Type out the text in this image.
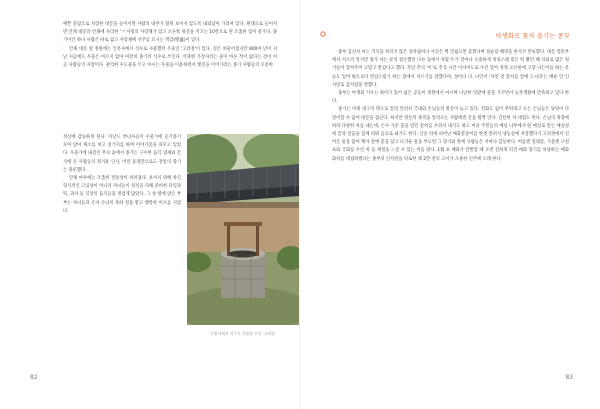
예쁜 꽃담으로 치장한 대문을 들어서면 사람의 내부가 훤히 보이지 않도록 내외담이 가려져 있다. 원래으로 들어서면 안채 대문과 안채에 자리한 'ㄱ'자형의 사랑채가 있고 오른쪽 뒷산을 끼고는 10칸으로 된 조촐한 집이 중가다. 종가이긴 하나 사람은 따로 없고 사랑채에 선주를 모시는 벽감(壁龕)이 있다.

안채 대문 옆 정원에는 인흥사에서 석수로 사용했던 우물인 '고려정'이 있다. 절은 허물어졌지만 800여 년이 지난 지금에도 우물은 마르지 않아 여전히 종가의 식수로 쓰인다. 석축한 가장자리는 물이 마른 적이 없다는 것이 이곳 사람들의 자랑이다. 관리한 수도물을 두고 마시는 우물을 이용하면서 옛것을 이어가려는 종가 사람들의 오롯한

정신에 감동하게 된다. 이날도 부녀자들이 우물가에 옹기종기 모여 앉아 채소를 씻고 설거지를 하며 이야기꽃을 피우고 있었다. 우물가에 내걸린 무쇠 솥에서 종가는 구수한 음식 냄새와 간식에 온 사람들의 정겨운 인사, 이런 풍경만으로도 전통의 향기는 충분했다.

안채 마루에는 조촐한 전통상이 차려졌다. 보이지 위해 차린 형식적인 고임상이 아니라 자녀들이 정성을 다해 준비한 과일과 떡, 과자 등 일상의 음식들을 정겹게 담았다. 그 상 옆에 앉은 부부는 자녀들과 손자 손녀의 축하 절을 받고 행복한 미소를 지었다.

인흥사에서 석수로 사용한 우물 '고려정'
82
아생화로 꽃차 즐기는 종부
83

종부 김신자 씨는 격식을 차리지 않은 상차림이나 사진은 뻑 일넓으면 좋겠다며 점순장 해영을 한사코 만류했다. 대문 앞뜰부에서 서르러 앞지만 종가 사는 분의 점손했던 다른 집에서 자랐 두가 얼마나 소중하게 정성스레 빚은 떡 봤던 때 의외로 많은 원거들이 찾아주어 고맙고 반갑다고 했다. 작년 추석 '이'로 추 5 시간 이자이도로 우린 달아 정정 오른편에 고향 나든이를 하는 분들도 있어 평소보다 반갑스럽기 하는 집에서 치르기를 잠했다며, 상이다 다. 나인이 '자연 것 꽃차를 앞에 드시라'는 배운 안 인사말로 감사함을 전했다.

종부는 아생화 키우는 취미가 있어 넓은 공동이 정원에서 아시며 나날한 텃밭에 꽃을 가꾸면서 농촌생활에 만족하고 있다 한다.

종가는 이제 대구의 명소로 알려 알려져 국내외 손님들의 방문이 늘고 있다. 전화도 없이 무턱대고 오는 손님들은 당당이 다 맞이할 수 없어 대문을 잠근다. 하지만 방문의 목적을 알려오는 사람에겐 문을 활짝 연다. 간단한 차 대접도 한다. 손님의 취향에 따라 다양한 차를 내는데, 손수 가꾼 꽃을 말린 꽃차를 우려서 내기도 하고 마을 주민들의 매실 나무에서 딴 매실로 만든 매실청에 꿀과 얼음을 함께 띄워 음료로 내기도 한다. 산골 뒤에 피어난 매화꽃송이를 한껏 말려서 냉동실에 저장했다가 고려정에서 길어온 물을 끓여 백자 잔에 꽃을 담고 뜨거운 물을 부으면 그 향기와 맛에 사람들은 저마다 감동한다. 여름엔 칠레꽃, 가을엔 구절초와 국화를 우린 차 등 제철을 느낄 수 있는 차를 낸다. 1월 초 매화가 만발할 때 오면 진하게 퍼진 매화 향기를 차량하는 매화화차를 대접하겠다는 종부의 인사말을 뒤로한 채 2만 전의 고서가 소중한 인주에 오래 한다.
